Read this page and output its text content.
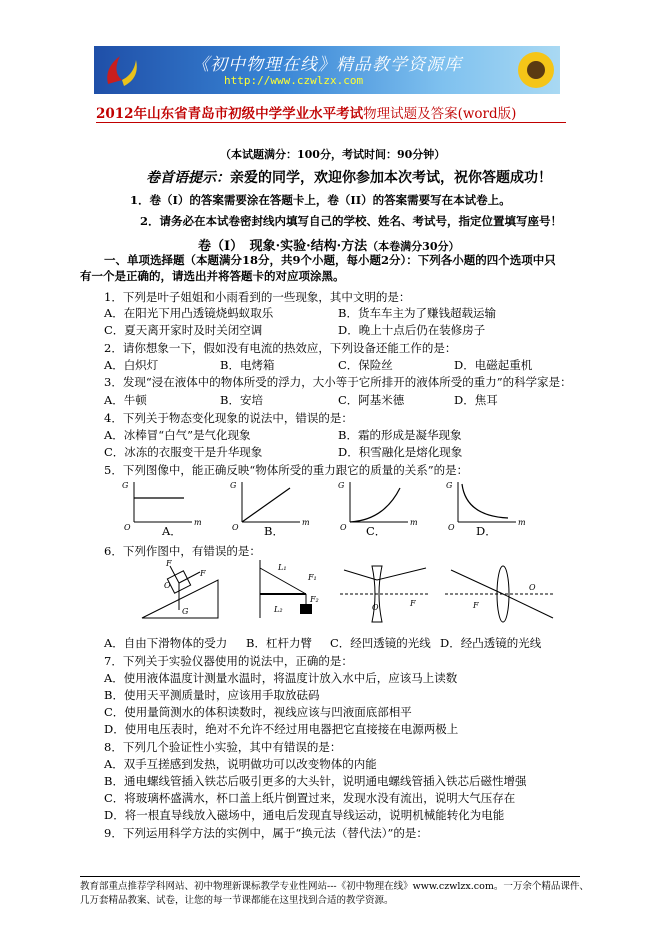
《初中物理在线》精品教学资源库
http://www.czwlzx.com
2012年山东省青岛市初级中学学业水平考试物理试题及答案(word版)
（本试题满分：100分，考试时间：90分钟）
卷首语提示：亲爱的同学，欢迎你参加本次考试，祝你答题成功！
1．卷（I）的答案需要涂在答题卡上，卷（II）的答案需要写在本试卷上。
2．请务必在本试卷密封线内填写自己的学校、姓名、考试号，指定位置填写座号！
卷（I）　现象·实验·结构·方法（本卷满分30分）
一、单项选择题（本题满分18分，共9个小题，每小题2分）：下列各小题的四个选项中只
有一个是正确的，请选出并将答题卡的对应项涂黑。
1．下列是叶子姐姐和小雨看到的一些现象，其中文明的是：
A．在阳光下用凸透镜烧蚂蚁取乐	B．货车车主为了赚钱超载运输
C．夏天离开家时及时关闭空调	D．晚上十点后仍在装修房子
2．请你想象一下，假如没有电流的热效应，下列设备还能工作的是：
A．白炽灯	B．电烤箱	C．保险丝	D．电磁起重机
3．发现“浸在液体中的物体所受的浮力，大小等于它所排开的液体所受的重力”的科学家是：
A．牛顿	B．安培	C．阿基米德	D．焦耳
4．下列关于物态变化现象的说法中，错误的是：
A．冰棒冒“白气”是气化现象	B．霜的形成是凝华现象
C．冰冻的衣服变干是升华现象	D．积雪融化是熔化现象
5．下列图像中，能正确反映“物体所受的重力跟它的质量的关系”的是：
G
m
O
G
m
O
G
m
O
G
m
O
A．	B．	C．	D．
6．下列作图中，有错误的是：
F
F
O
G
L₁
L₂
F₁
F₂
O	F	F
O
A．自由下滑物体的受力 B．杠杆力臂 C．经凹透镜的光线 D．经凸透镜的光线
7．下列关于实验仪器使用的说法中，正确的是：
A．使用液体温度计测量水温时，将温度计放入水中后，应该马上读数
B．使用天平测质量时，应该用手取放砝码
C．使用量筒测水的体积读数时，视线应该与凹液面底部相平
D．使用电压表时，绝对不允许不经过用电器把它直接接在电源两极上
8．下列几个验证性小实验，其中有错误的是：
A．双手互搓感到发热，说明做功可以改变物体的内能
B．通电螺线管插入铁芯后吸引更多的大头针，说明通电螺线管插入铁芯后磁性增强
C．将玻璃杯盛满水，杯口盖上纸片倒置过来，发现水没有流出，说明大气压存在
D．将一根直导线放入磁场中，通电后发现直导线运动，说明机械能转化为电能
9．下列运用科学方法的实例中，属于“换元法（替代法）”的是：
教育部重点推荐学科网站、初中物理新课标教学专业性网站---《初中物理在线》www.czwlzx.com。一万余个精品课件、几万套精品教案、试卷，让您的每一节课都能在这里找到合适的教学资源。
